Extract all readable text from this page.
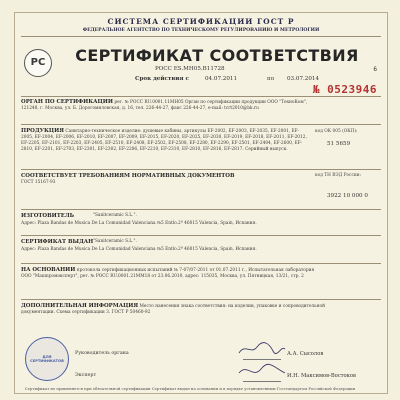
СИСТЕМА СЕРТИФИКАЦИИ ГОСТ Р
ФЕДЕРАЛЬНОЕ АГЕНТСТВО ПО ТЕХНИЧЕСКОМУ РЕГУЛИРОВАНИЮ И МЕТРОЛОГИИ
PC	СЕРТИФИКАТ СООТВЕТСТВИЯ
POCC ES.МН05.В11728	6
Срок действия с	04.07.2011	по 03.07.2014
№ 0523946
ОРГАН ПО СЕРТИФИКАЦИИ рег. № РОСС RU.0001.11МН05 Орган по сертификации продукции ООО "ТехноКом", 121248, г. Москва, ул. Б. Дорогомиловская, д. 16, тел. 226-44-27, факс 226-44-27, e-mail: tcrt2010@bk.ru
ПРОДУКЦИЯ Санитарно-техническое изделие: душевые кабины, артикулы EF-2002, EF-2003, EF-2035, EF-2001, EF-2005, EF-2004, EF-2006, EF-2010, EF-2007, EF-2009, EF-2015, EF-2020, EF-2025, EF-2030, EF-2019, EF-2018, EF-2011, EF-2012, EF-2205, EF-2101, EF-2203, EF-2405, EF-2510, EF-2408, EF-2502, EF-2508, EF-2280, EF-2290, EF-2501, EF-2404, EF-2600, EF-2810, EF-2201, EF-2703, EF-2301, EF-2302, EF-2206, EF-2210, EF-2310, EF-2810, EF-2816, EF-2817. Серийный выпуск.
код ОК 005 (ОКП):
51 5659
СООТВЕТСТВУЕТ ТРЕБОВАНИЯМ НОРМАТИВНЫХ ДОКУМЕНТОВ
ГОСТ 15167-93
код ТН ВЭД России:
3922 10 000 0
ИЗГОТОВИТЕЛЬ	"Sanitceramic S.L.".
Адрес: Plaza Bandas de Musica De La Comunidad Valenciana №5 Entlo.2ª 46015 Valencia, Spain, Испания.
СЕРТИФИКАТ ВЫДАН "Sanitceramic S.L.".
Адрес: Plaza Bandas de Musica De La Comunidad Valenciana №5 Entlo.2ª 46015 Valencia, Spain, Испания.
НА ОСНОВАНИИ протокола сертификационных испытаний № 7-07/07-2011 от 01.07.2011 г., Испытательная лаборатория ООО "Машпромэксперт", рег. № РОСС RU.0001.21ММ18 от 23.06.2010, адрес: 115035, Москва, ул. Пятницкая, 13/21, стр. 2
ДОПОЛНИТЕЛЬНАЯ ИНФОРМАЦИЯ Место нанесения знака соответствия: на изделии, упаковке и сопроводительной документации. Схема сертификации 3. ГОСТ Р 50460-92
ДЛЯ СЕРТИФИКАТОВ
Руководитель органа	А.А. Сысолов
Эксперт	И.Н. Максимов-Востоков
Сертификат не применяется при обязательной сертификации Сертификат выдан на основании и в порядке установленным Госстандартом Российской Федерации
